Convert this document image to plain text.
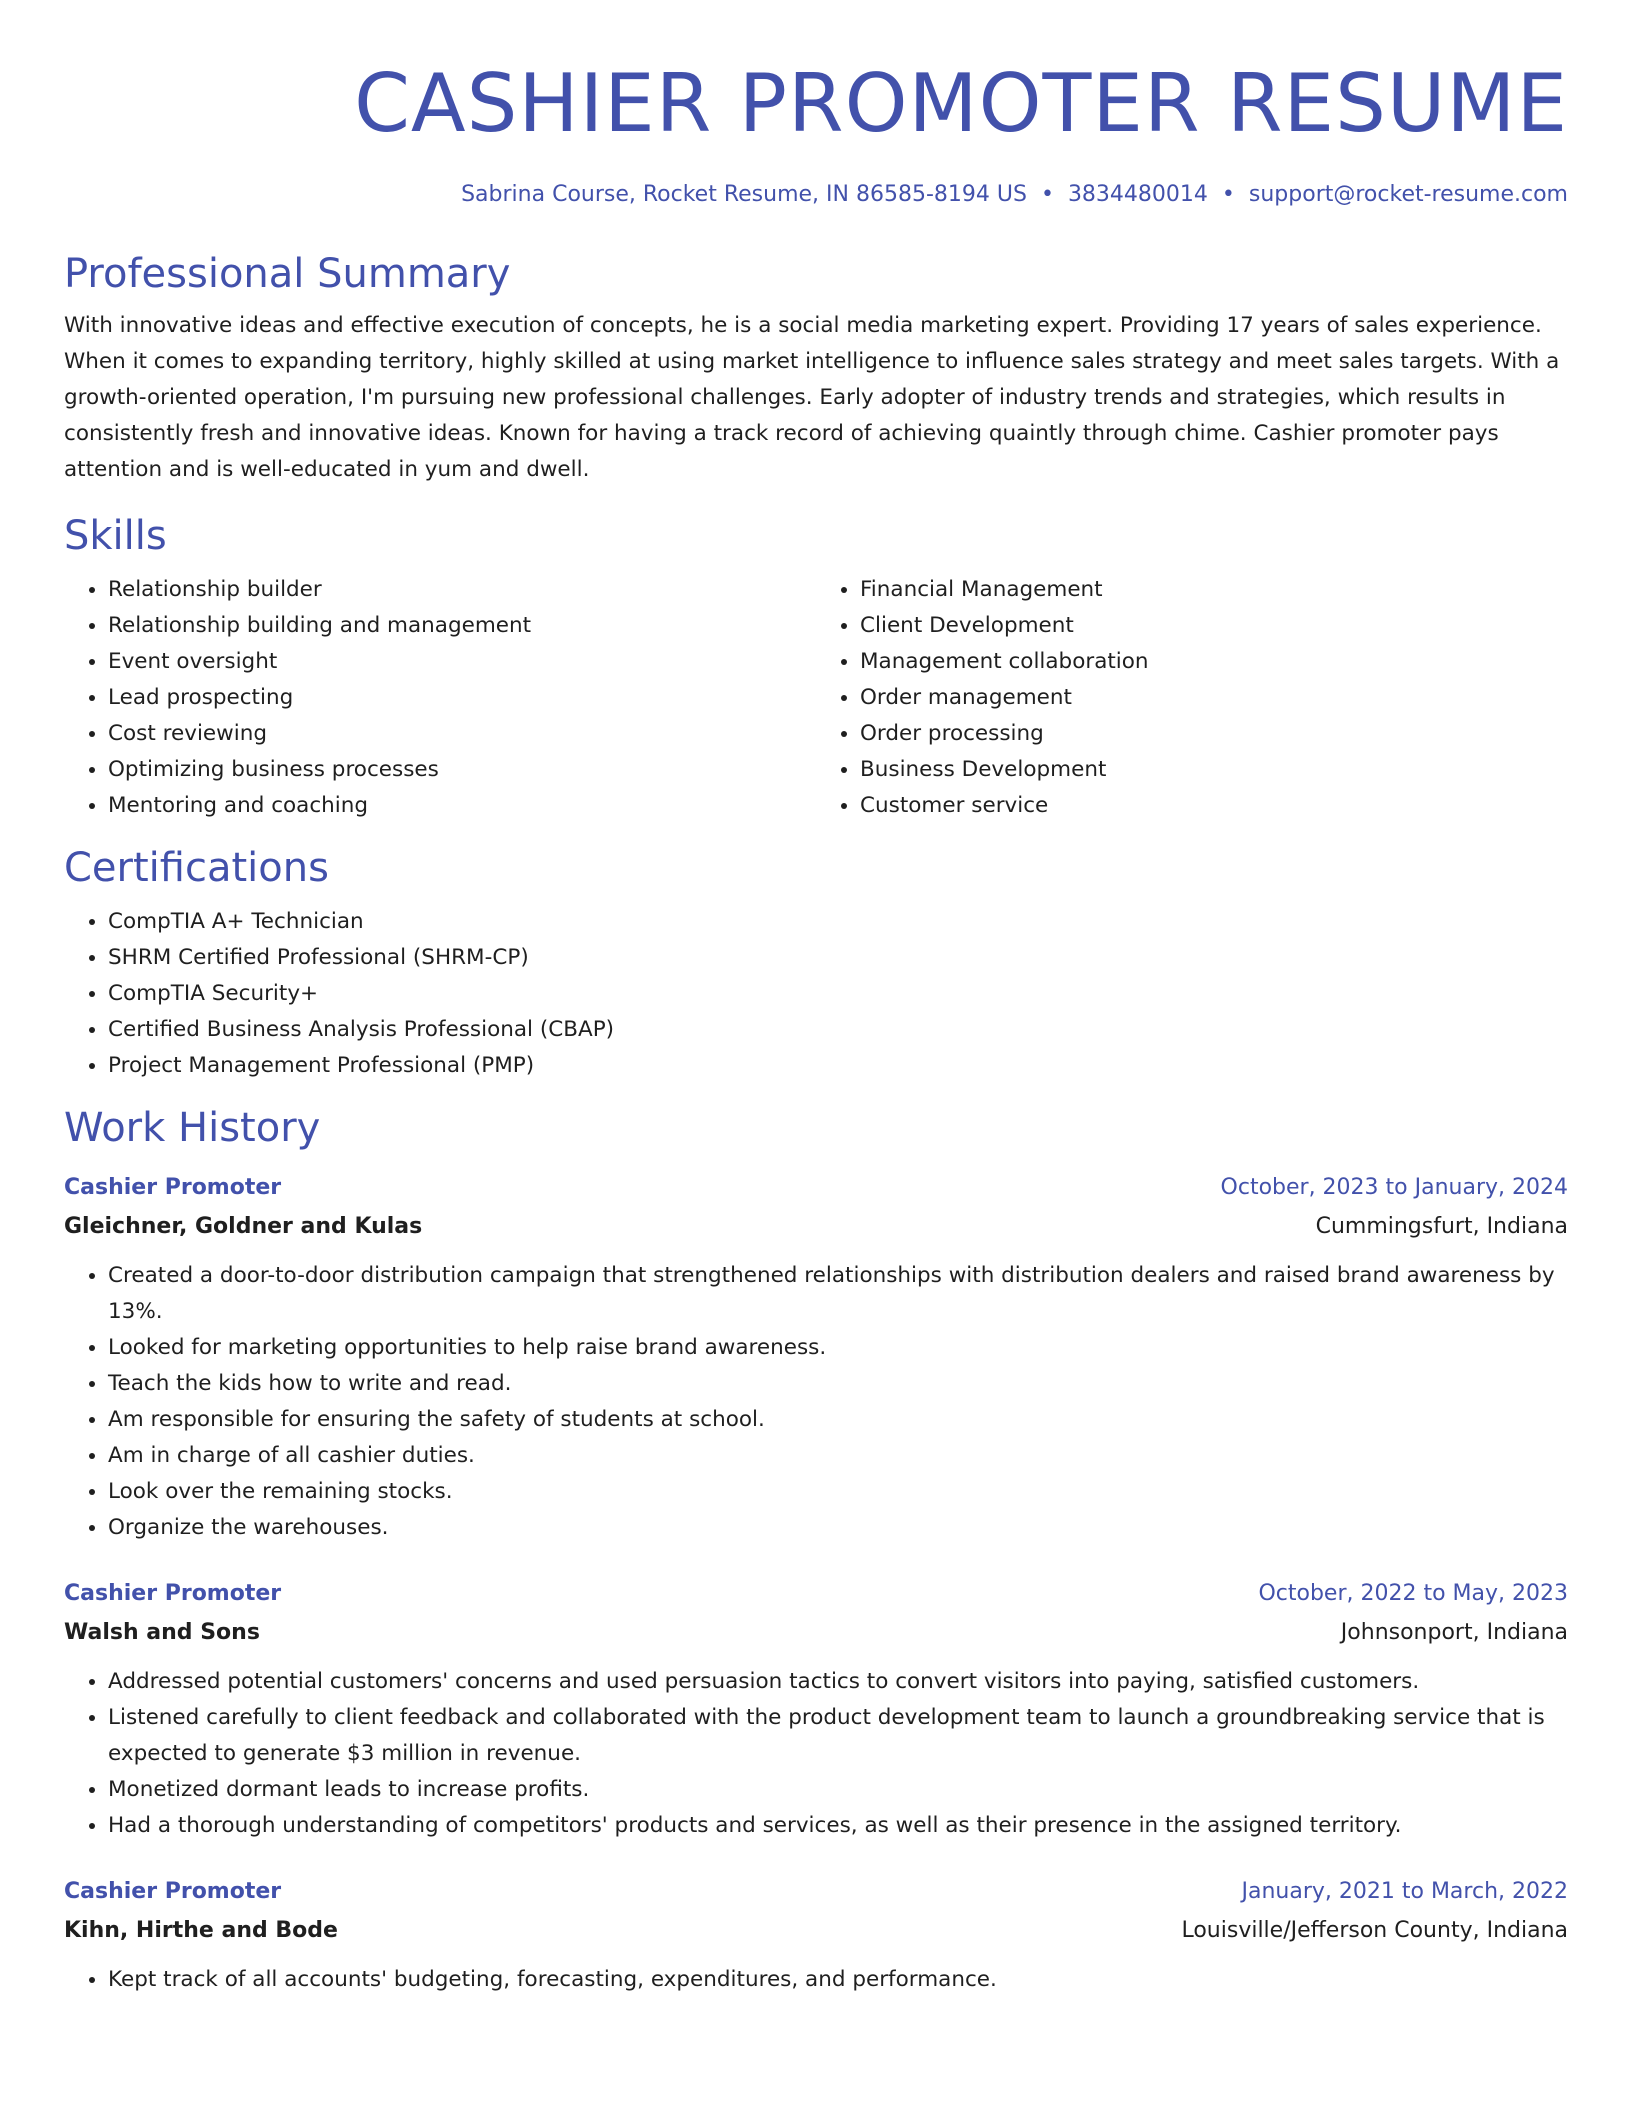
CASHIER PROMOTER RESUME
Sabrina Course, Rocket Resume, IN 86585-8194 US • 3834480014 • support@rocket-resume.com
Professional Summary

With innovative ideas and effective execution of concepts, he is a social media marketing expert. Providing 17 years of sales experience. When it comes to expanding territory, highly skilled at using market intelligence to influence sales strategy and meet sales targets. With a growth-oriented operation, I'm pursuing new professional challenges. Early adopter of industry trends and strategies, which results in consistently fresh and innovative ideas. Known for having a track record of achieving quaintly through chime. Cashier promoter pays attention and is well-educated in yum and dwell.

Skills
• Relationship builder
• Relationship building and management
• Event oversight
• Lead prospecting
• Cost reviewing
• Optimizing business processes
• Mentoring and coaching
• Financial Management
• Client Development
• Management collaboration
• Order management
• Order processing
• Business Development
• Customer service
Certifications
• CompTIA A+ Technician
• SHRM Certified Professional (SHRM-CP)
• CompTIA Security+
• Certified Business Analysis Professional (CBAP)
• Project Management Professional (PMP)
Work History
Cashier Promoter	October, 2023 to January, 2024
Gleichner, Goldner and Kulas	Cummingsfurt, Indiana
• Created a door-to-door distribution campaign that strengthened relationships with distribution dealers and raised brand awareness by 13%.
• Looked for marketing opportunities to help raise brand awareness.
• Teach the kids how to write and read.
• Am responsible for ensuring the safety of students at school.
• Am in charge of all cashier duties.
• Look over the remaining stocks.
• Organize the warehouses.
Cashier Promoter	October, 2022 to May, 2023
Walsh and Sons	Johnsonport, Indiana
• Addressed potential customers' concerns and used persuasion tactics to convert visitors into paying, satisfied customers.
• Listened carefully to client feedback and collaborated with the product development team to launch a groundbreaking service that is expected to generate $3 million in revenue.
• Monetized dormant leads to increase profits.
• Had a thorough understanding of competitors' products and services, as well as their presence in the assigned territory.
Cashier Promoter	January, 2021 to March, 2022
Kihn, Hirthe and Bode	Louisville/Jefferson County, Indiana
• Kept track of all accounts' budgeting, forecasting, expenditures, and performance.
